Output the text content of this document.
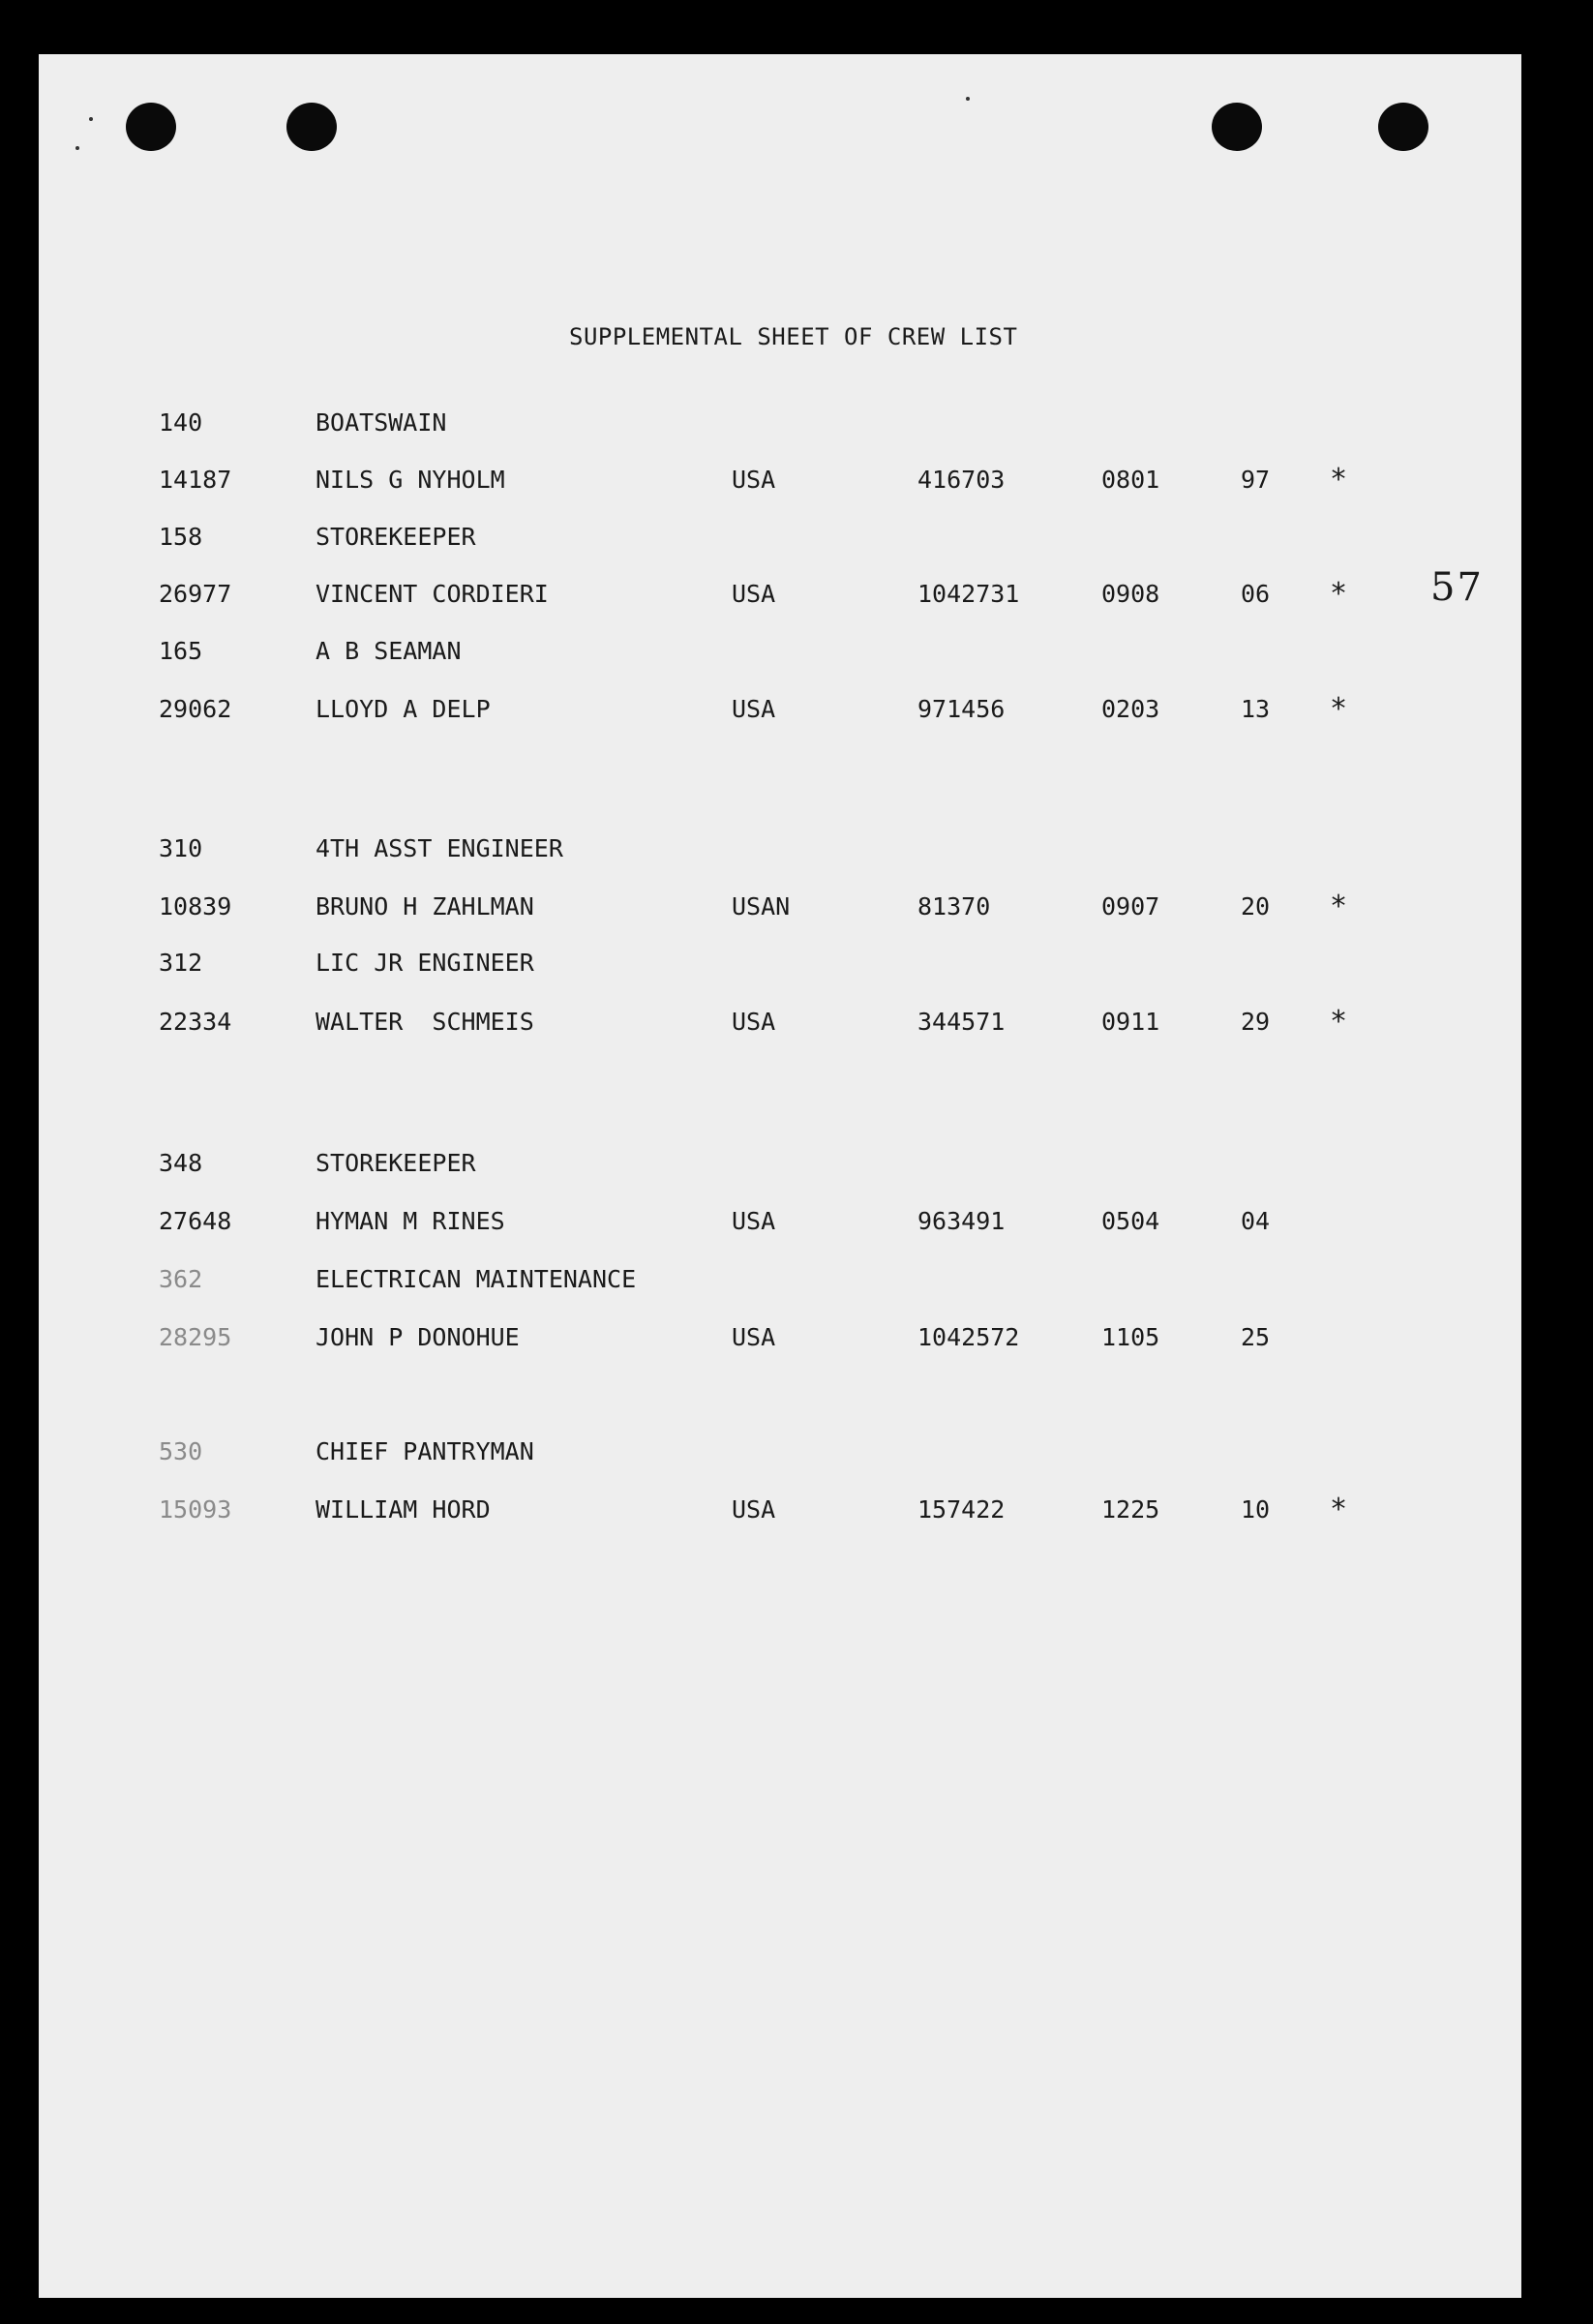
SUPPLEMENTAL SHEET OF CREW LIST
57
140	BOATSWAIN
14187	NILS G NYHOLM	USA	416703	0801	97 *
158	STOREKEEPER
26977	VINCENT CORDIERI	USA	1042731	0908	06 *
165	A B SEAMAN
29062	LLOYD A DELP	USA	971456	0203	13 *
310	4TH ASST ENGINEER
10839	BRUNO H ZAHLMAN	USAN	81370	0907	20 *
312	LIC JR ENGINEER
22334	WALTER  SCHMEIS	USA	344571	0911	29 *
348	STOREKEEPER
27648	HYMAN M RINES	USA	963491	0504	04
362	ELECTRICAN MAINTENANCE
28295	JOHN P DONOHUE	USA	1042572	1105	25
530	CHIEF PANTRYMAN
15093	WILLIAM HORD	USA	157422	1225	10 *
